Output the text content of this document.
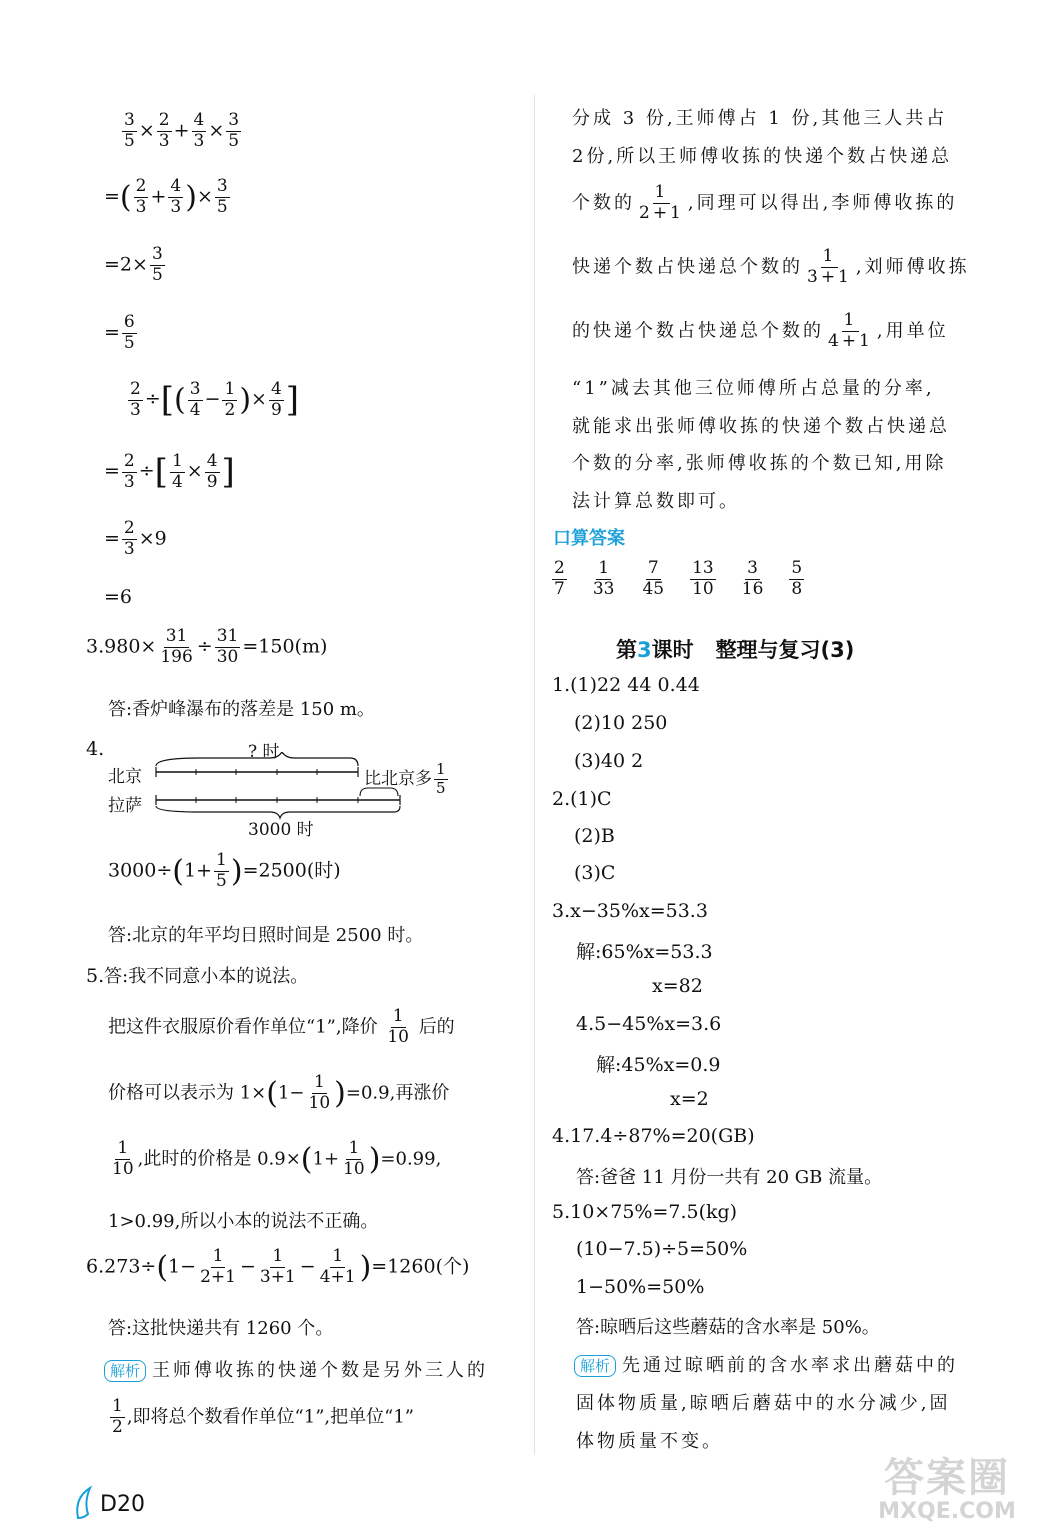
$\frac{3}{5} \times \frac{2}{3} + \frac{4}{3} \times \frac{3}{5}$
=( $\frac{2}{3} + \frac{4}{3}$ )× $\frac{3}{5}$
$=2\times \frac{3}{5}$
= $\frac{6}{5}$
$\frac{2}{3}$ ÷[( $\frac{3}{4} - \frac{1}{2}$ )× $\frac{4}{9}$ ]
= $\frac{2}{3}$ ÷[ $\frac{1}{4} \times \frac{4}{9}$ ]
= $\frac{2}{3} \times 9$
=6
$3.980\times \frac{31}{196} \div \frac{31}{30} =150(m)$
答:香炉峰瀑布的落差是 150 m。
4.	? 时
北京
拉萨
比北京多 $\frac{1}{5}$
3000 时
$3000\div(1+ \frac{1}{5} )=2500$(时)
答:北京的年平均日照时间是 2500 时。
5.答:我不同意小本的说法。
把这件衣服原价看作单位“1”,降价 $\frac{1}{10}$ 后的
价格可以表示为 $1\times(1- \frac{1}{10} )=0.9$,再涨价
$\frac{1}{10}$ ,此时的价格是 $0.9\times(1+ \frac{1}{10} )=0.99$,
1>0.99,所以小本的说法不正确。
$6.273\div(1- \frac{1}{2+1} - \frac{1}{3+1} - \frac{1}{4+1} )=1260$(个)
答:这批快递共有 1260 个。
解析 王师傅收拣的快递个数是另外三人的
$\frac{1}{2}$ ,即将总个数看作单位“1”,把单位“1”
D20
分成 3 份,王师傅占 1 份,其他三人共占
2份,所以王师傅收拣的快递个数占快递总
个数的 $\frac{1}{2+1}$ ,同理可以得出,李师傅收拣的
快递个数占快递总个数的 $\frac{1}{3+1}$ ,刘师傅收拣
的快递个数占快递总个数的 $\frac{1}{4+1}$ ,用单位
“1”减去其他三位师傅所占总量的分率,
就能求出张师傅收拣的快递个数占快递总
个数的分率,张师傅收拣的个数已知,用除
法计算总数即可。
口算答案
$\frac{2}{7} \frac{1}{33} \frac{7}{45} \frac{13}{10} \frac{3}{16} \frac{5}{8}$
第3课时 整理与复习(3)
1.(1)22 44 0.44
(2)10 250
(3)40 2
2.(1)C
(2)B
(3)C
3.x−35%x=53.3
解:65%x=53.3
x=82
4.5−45%x=3.6
解:45%x=0.9
x=2
4.17.4÷87%=20(GB)
答:爸爸 11 月份一共有 20 GB 流量。
5.10×75%=7.5(kg)
(10−7.5)÷5=50%
1−50%=50%
答:晾晒后这些蘑菇的含水率是 50%。
解析 先通过晾晒前的含水率求出蘑菇中的
固体物质量,晾晒后蘑菇中的水分减少,固
体物质量不变。
答案圈
MXQE.COM
